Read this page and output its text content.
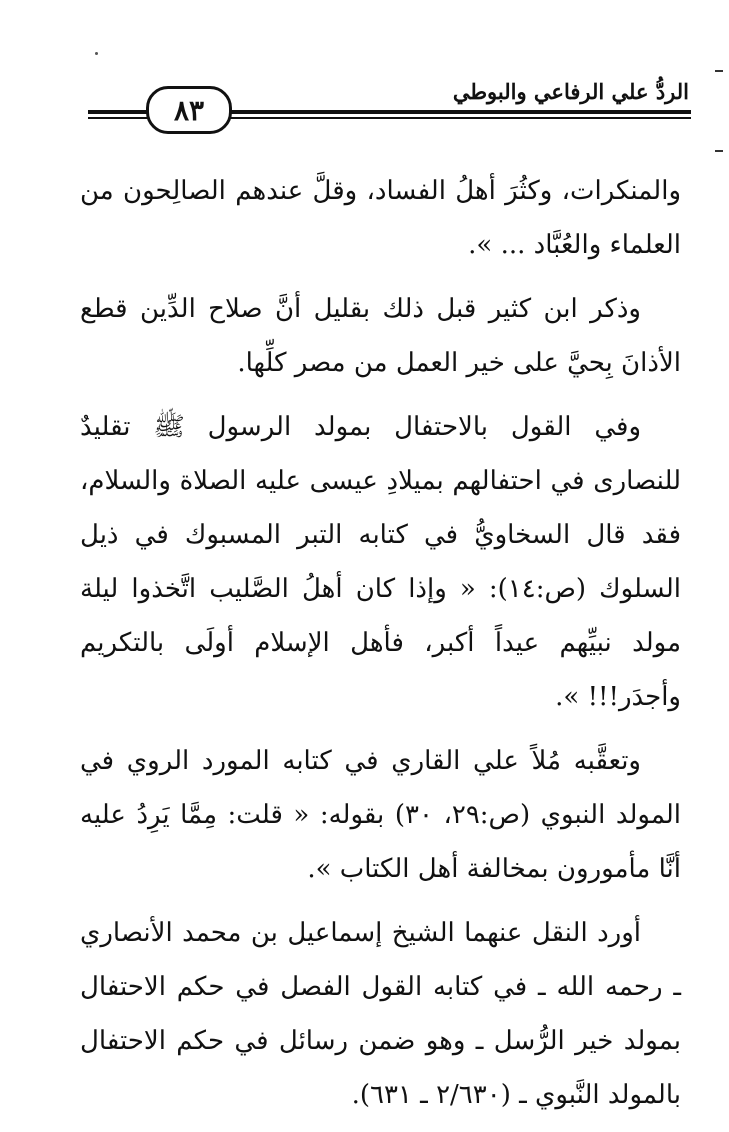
الردُّ علي الرفاعي والبوطي
٨٣

والمنكرات، وكثُرَ أهلُ الفساد، وقلَّ عندهم الصالِحون من العلماء والعُبَّاد ... ».

وذكر ابن كثير قبل ذلك بقليل أنَّ صلاح الدِّين قطع الأذانَ بِحيَّ على خير العمل من مصر كلِّها.

وفي القول بالاحتفال بمولد الرسول ﷺ تقليدٌ للنصارى في احتفالهم بميلادِ عيسى عليه الصلاة والسلام، فقد قال السخاويُّ في كتابه التبر المسبوك في ذيل السلوك (ص:١٤): « وإذا كان أهلُ الصَّليب اتَّخذوا ليلة مولد نبيِّهم عيداً أكبر، فأهل الإسلام أولَى بالتكريم وأجدَر!!! ».

وتعقَّبه مُلاً علي القاري في كتابه المورد الروي في المولد النبوي (ص:٢٩، ٣٠) بقوله: « قلت: مِمَّا يَرِدُ عليه أنَّا مأمورون بمخالفة أهل الكتاب ».

أورد النقل عنهما الشيخ إسماعيل بن محمد الأنصاري ـ رحمه الله ـ في كتابه القول الفصل في حكم الاحتفال بمولد خير الرُّسل ـ وهو ضمن رسائل في حكم الاحتفال بالمولد النَّبوي ـ (٢/٦٣٠ ـ ٦٣١).
